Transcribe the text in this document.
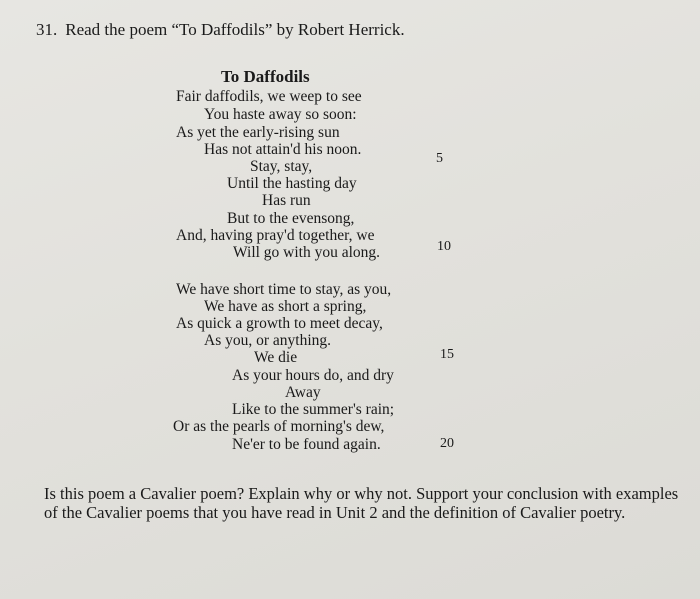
31. Read the poem “To Daffodils” by Robert Herrick.
To Daffodils
Fair daffodils, we weep to see
You haste away so soon:
As yet the early-rising sun
Has not attain'd his noon.
Stay, stay,
Until the hasting day
Has run
But to the evensong,
And, having pray'd together, we
Will go with you along.
We have short time to stay, as you,
We have as short a spring,
As quick a growth to meet decay,
As you, or anything.
We die
As your hours do, and dry
Away
Like to the summer's rain;
Or as the pearls of morning's dew,
Ne'er to be found again.
5
10
15
20
Is this poem a Cavalier poem? Explain why or why not. Support your conclusion with examples of the Cavalier poems that you have read in Unit 2 and the definition of Cavalier poetry.
